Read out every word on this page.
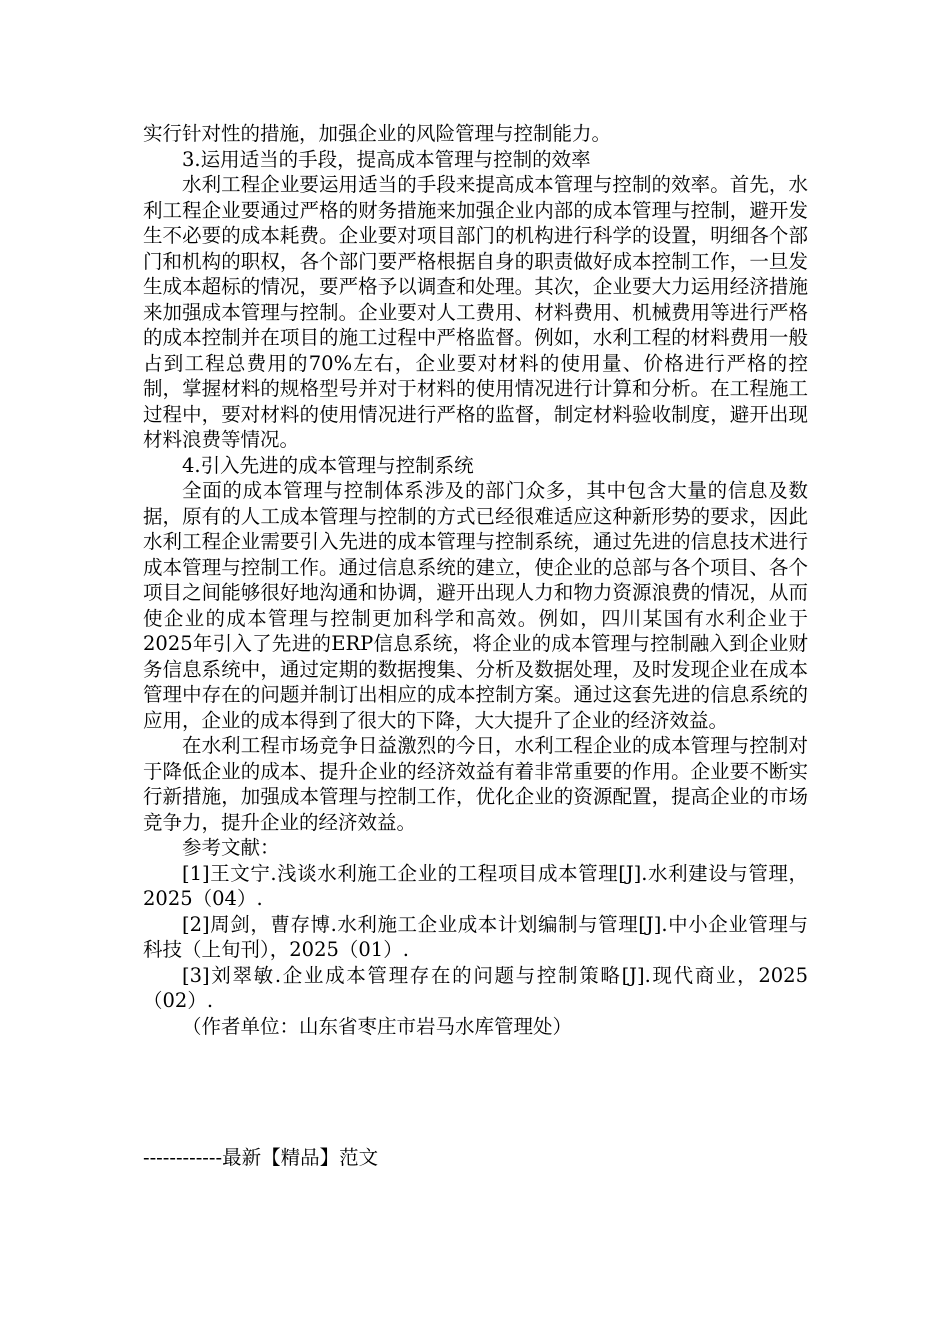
实行针对性的措施，加强企业的风险管理与控制能力。

3.运用适当的手段，提高成本管理与控制的效率

水利工程企业要运用适当的手段来提高成本管理与控制的效率。首先，水利工程企业要通过严格的财务措施来加强企业内部的成本管理与控制，避开发生不必要的成本耗费。企业要对项目部门的机构进行科学的设置，明细各个部门和机构的职权，各个部门要严格根据自身的职责做好成本控制工作，一旦发生成本超标的情况，要严格予以调查和处理。其次，企业要大力运用经济措施来加强成本管理与控制。企业要对人工费用、材料费用、机械费用等进行严格的成本控制并在项目的施工过程中严格监督。例如，水利工程的材料费用一般占到工程总费用的70%左右，企业要对材料的使用量、价格进行严格的控制，掌握材料的规格型号并对于材料的使用情况进行计算和分析。在工程施工过程中，要对材料的使用情况进行严格的监督，制定材料验收制度，避开出现材料浪费等情况。

4.引入先进的成本管理与控制系统

全面的成本管理与控制体系涉及的部门众多，其中包含大量的信息及数据，原有的人工成本管理与控制的方式已经很难适应这种新形势的要求，因此水利工程企业需要引入先进的成本管理与控制系统，通过先进的信息技术进行成本管理与控制工作。通过信息系统的建立，使企业的总部与各个项目、各个项目之间能够很好地沟通和协调，避开出现人力和物力资源浪费的情况，从而使企业的成本管理与控制更加科学和高效。例如，四川某国有水利企业于2025年引入了先进的ERP信息系统，将企业的成本管理与控制融入到企业财务信息系统中，通过定期的数据搜集、分析及数据处理，及时发现企业在成本管理中存在的问题并制订出相应的成本控制方案。通过这套先进的信息系统的应用，企业的成本得到了很大的下降，大大提升了企业的经济效益。

在水利工程市场竞争日益激烈的今日，水利工程企业的成本管理与控制对于降低企业的成本、提升企业的经济效益有着非常重要的作用。企业要不断实行新措施，加强成本管理与控制工作，优化企业的资源配置，提高企业的市场竞争力，提升企业的经济效益。

参考文献：

[1]王文宁.浅谈水利施工企业的工程项目成本管理[J].水利建设与管理，2025（04）.

[2]周剑，曹存博.水利施工企业成本计划编制与管理[J].中小企业管理与科技（上旬刊），2025（01）.

[3]刘翠敏.企业成本管理存在的问题与控制策略[J].现代商业，2025（02）.

（作者单位：山东省枣庄市岩马水库管理处）

------------最新【精品】范文
